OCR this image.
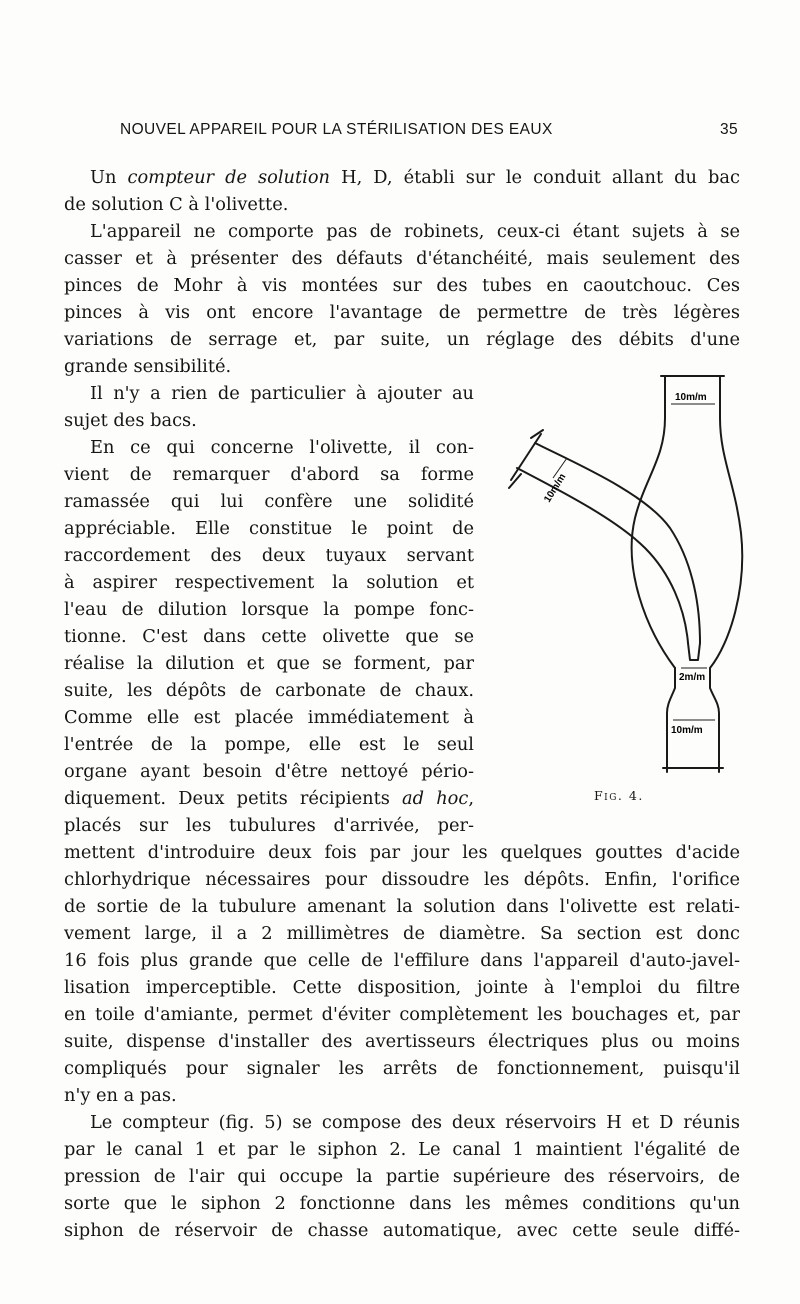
NOUVEL APPAREIL POUR LA STÉRILISATION DES EAUX	35
Un compteur de solution H, D, établi sur le conduit allant du bac
de solution C à l'olivette.
L'appareil ne comporte pas de robinets, ceux-ci étant sujets à se
casser et à présenter des défauts d'étanchéité, mais seulement des
pinces de Mohr à vis montées sur des tubes en caoutchouc. Ces
pinces à vis ont encore l'avantage de permettre de très légères
variations de serrage et, par suite, un réglage des débits d'une
grande sensibilité.
Il n'y a rien de particulier à ajouter au
sujet des bacs.
En ce qui concerne l'olivette, il con-
vient de remarquer d'abord sa forme
ramassée qui lui confère une solidité
appréciable. Elle constitue le point de
raccordement des deux tuyaux servant
à aspirer respectivement la solution et
l'eau de dilution lorsque la pompe fonc-
tionne. C'est dans cette olivette que se
réalise la dilution et que se forment, par
suite, les dépôts de carbonate de chaux.
Comme elle est placée immédiatement à
l'entrée de la pompe, elle est le seul
organe ayant besoin d'être nettoyé pério-
diquement. Deux petits récipients ad hoc,
placés sur les tubulures d'arrivée, per-
mettent d'introduire deux fois par jour les quelques gouttes d'acide
chlorhydrique nécessaires pour dissoudre les dépôts. Enfin, l'orifice
de sortie de la tubulure amenant la solution dans l'olivette est relati-
vement large, il a 2 millimètres de diamètre. Sa section est donc
16 fois plus grande que celle de l'effilure dans l'appareil d'auto-javel-
lisation imperceptible. Cette disposition, jointe à l'emploi du filtre
en toile d'amiante, permet d'éviter complètement les bouchages et, par
suite, dispense d'installer des avertisseurs électriques plus ou moins
compliqués pour signaler les arrêts de fonctionnement, puisqu'il
n'y en a pas.
Le compteur (fig. 5) se compose des deux réservoirs H et D réunis
par le canal 1 et par le siphon 2. Le canal 1 maintient l'égalité de
pression de l'air qui occupe la partie supérieure des réservoirs, de
sorte que le siphon 2 fonctionne dans les mêmes conditions qu'un
siphon de réservoir de chasse automatique, avec cette seule diffé-
10m/m
10m/m
2m/m
10m/m
Fig. 4.
